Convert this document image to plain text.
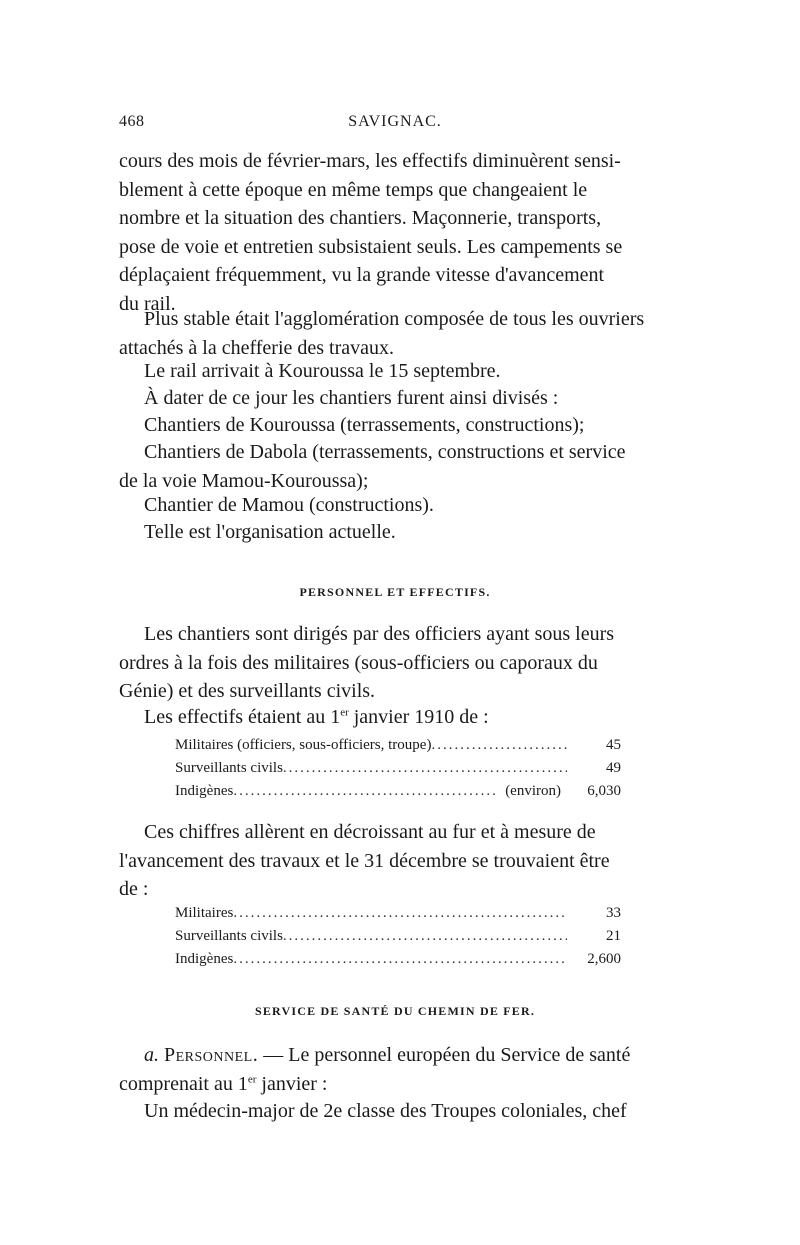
468	SAVIGNAC.
cours des mois de février-mars, les effectifs diminuèrent sensi-
blement à cette époque en même temps que changeaient le
nombre et la situation des chantiers. Maçonnerie, transports,
pose de voie et entretien subsistaient seuls. Les campements se
déplaçaient fréquemment, vu la grande vitesse d'avancement
du rail.
Plus stable était l'agglomération composée de tous les ouvriers
attachés à la chefferie des travaux.
Le rail arrivait à Kouroussa le 15 septembre.
À dater de ce jour les chantiers furent ainsi divisés :
Chantiers de Kouroussa (terrassements, constructions);
Chantiers de Dabola (terrassements, constructions et service
de la voie Mamou-Kouroussa);
Chantier de Mamou (constructions).
Telle est l'organisation actuelle.
PERSONNEL ET EFFECTIFS.
Les chantiers sont dirigés par des officiers ayant sous leurs
ordres à la fois des militaires (sous-officiers ou caporaux du
Génie) et des surveillants civils.
Les effectifs étaient au 1er janvier 1910 de :
Militaires (officiers, sous-officiers, troupe) .....	45
Surveillants civils .....	49
Indigènes .....	(environ)	6,030
Ces chiffres allèrent en décroissant au fur et à mesure de
l'avancement des travaux et le 31 décembre se trouvaient être
de :
Militaires .....	33
Surveillants civils .....	21
Indigènes .....	2,600
SERVICE DE SANTÉ DU CHEMIN DE FER.
a. Personnel. — Le personnel européen du Service de santé
comprenait au 1er janvier :
Un médecin-major de 2e classe des Troupes coloniales, chef
